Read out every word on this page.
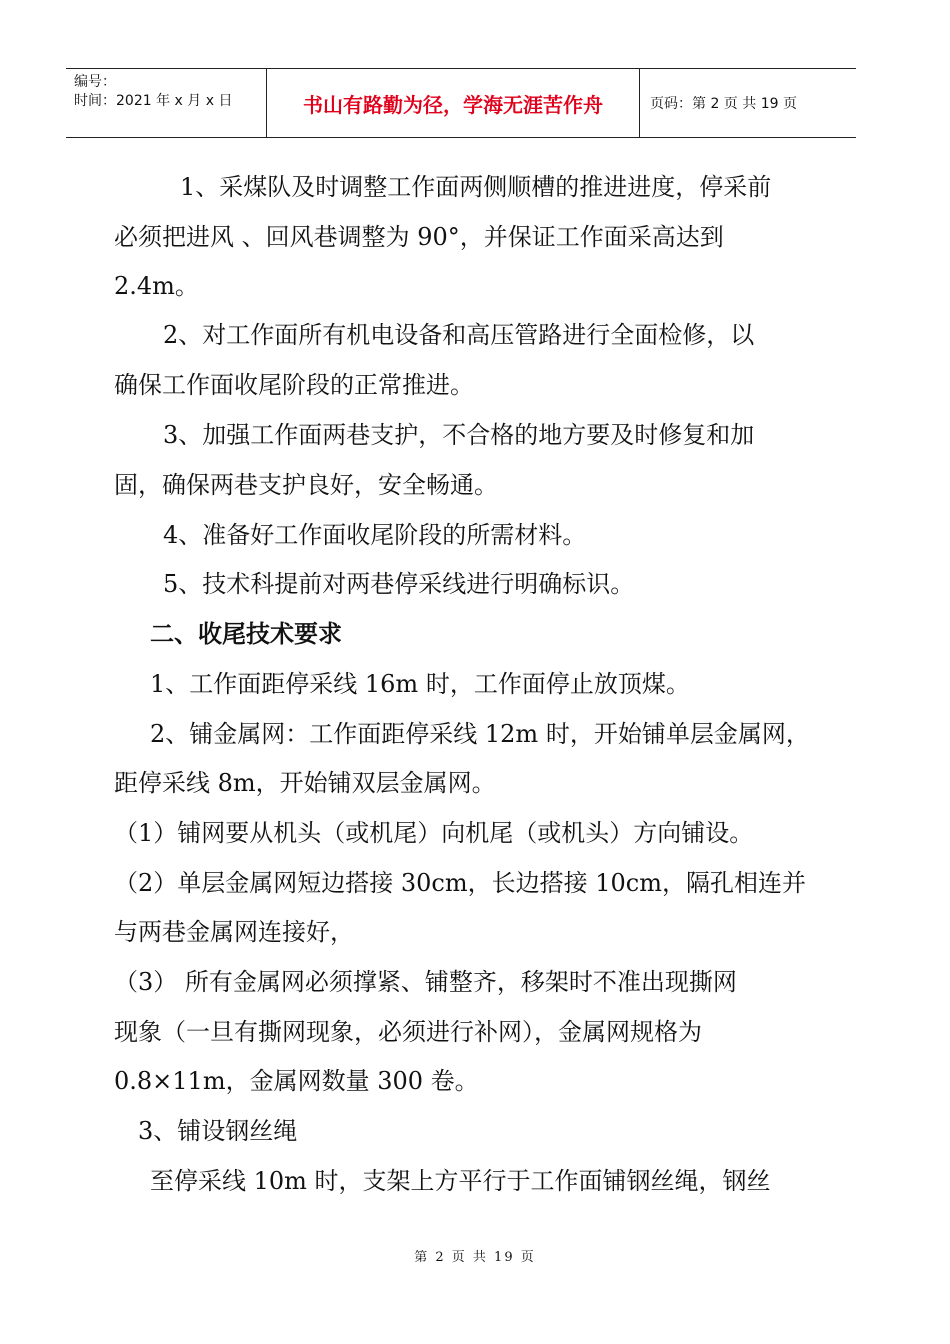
编号：
时间：2021 年 x 月 x 日	书山有路勤为径，学海无涯苦作舟	页码：第 2 页 共 19 页
1、采煤队及时调整工作面两侧顺槽的推进进度，停采前
必须把进风 、回风巷调整为 90°，并保证工作面采高达到
2.4m。
2、对工作面所有机电设备和高压管路进行全面检修，以
确保工作面收尾阶段的正常推进。
3、加强工作面两巷支护，不合格的地方要及时修复和加
固，确保两巷支护良好，安全畅通。
4、准备好工作面收尾阶段的所需材料。
5、技术科提前对两巷停采线进行明确标识。
二、收尾技术要求
1、工作面距停采线 16m 时，工作面停止放顶煤。
2、铺金属网：工作面距停采线 12m 时，开始铺单层金属网，
距停采线 8m，开始铺双层金属网。
（1）铺网要从机头（或机尾）向机尾（或机头）方向铺设。
（2）单层金属网短边搭接 30cm，长边搭接 10cm，隔孔相连并
与两巷金属网连接好，
（3） 所有金属网必须撑紧、铺整齐，移架时不准出现撕网
现象（一旦有撕网现象，必须进行补网），金属网规格为
0.8×11m，金属网数量 300 卷。
3、铺设钢丝绳
至停采线 10m 时，支架上方平行于工作面铺钢丝绳，钢丝
第 2 页 共 19 页
